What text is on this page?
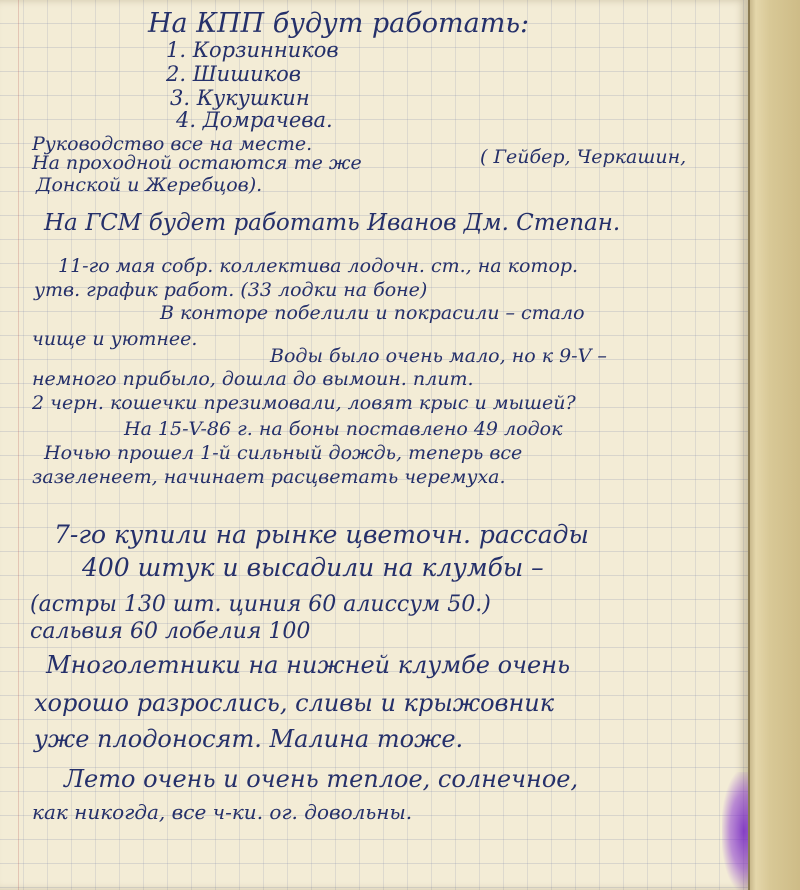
На КПП будут работать:

1. Корзинников

2. Шишиков

3. Кукушкин

4. Домрачева.

Руководство все на месте.

На проходной остаются те же	( Гейбер, Черкашин,

Донской и Жеребцов).

На ГСМ будет работать Иванов Дм. Степан.

11-го мая собр. коллектива лодочн. ст., на котор.

утв. график работ. (33 лодки на боне)

В конторе побелили и покрасили – стало

чище и уютнее.

Воды было очень мало, но к 9-V –

немного прибыло, дошла до вымоин. плит.

2 черн. кошечки презимовали, ловят крыс и мышей?

На 15-V-86 г. на боны поставлено 49 лодок

Ночью прошел 1-й сильный дождь, теперь все

зазеленеет, начинает расцветать черемуха.

7-го купили на рынке цветочн. рассады

400 штук и высадили на клумбы –

(астры 130 шт. циния 60 алиссум 50.)

сальвия 60 лобелия 100

Многолетники на нижней клумбе очень

хорошо разрослись, сливы и крыжовник

уже плодоносят. Малина тоже.

Лето очень и очень теплое, солнечное,

как никогда, все ч-ки. ог. довольны.
